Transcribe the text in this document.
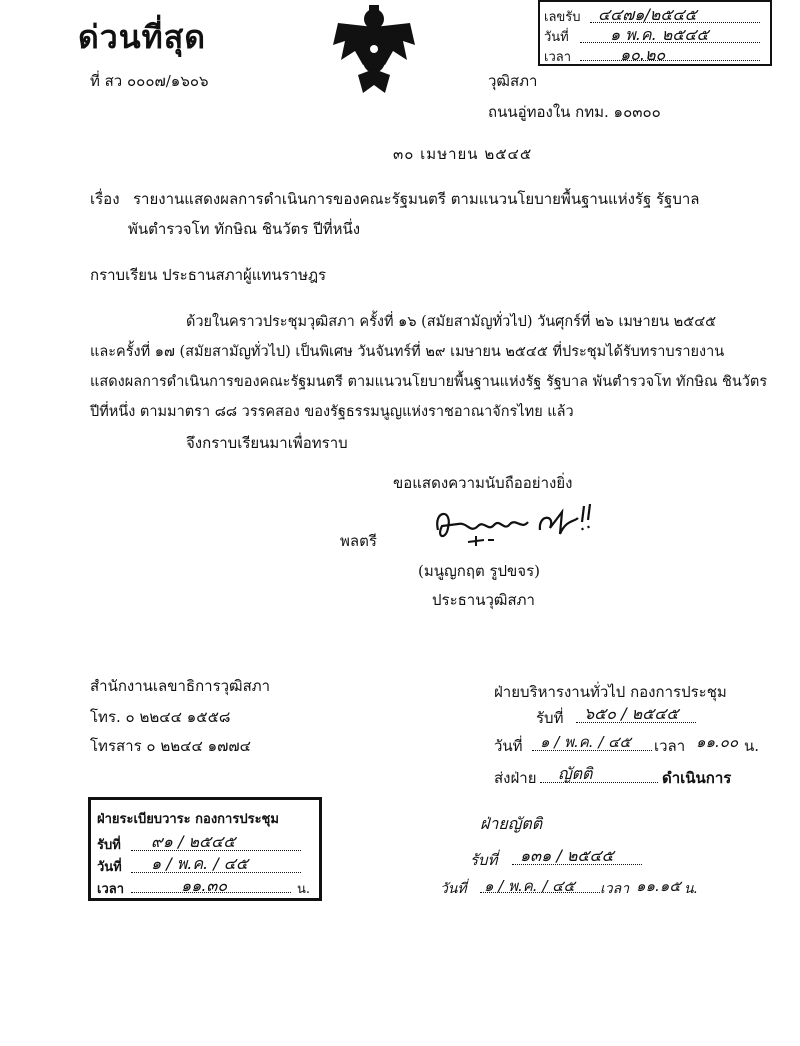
ด่วนที่สุด
ที่ สว ๐๐๐๗/๑๖๐๖
เลขรับ ๔๔๗๑/๒๕๔๕
วันที่	๑ พ.ค. ๒๕๔๕
เวลา	๑๐.๒๐
วุฒิสภา
ถนนอู่ทองใน กทม. ๑๐๓๐๐
๓๐ เมษายน ๒๕๔๕
เรื่อง รายงานแสดงผลการดำเนินการของคณะรัฐมนตรี ตามแนวนโยบายพื้นฐานแห่งรัฐ รัฐบาล
พันตำรวจโท ทักษิณ ชินวัตร ปีที่หนึ่ง
กราบเรียน ประธานสภาผู้แทนราษฎร
ด้วยในคราวประชุมวุฒิสภา ครั้งที่ ๑๖ (สมัยสามัญทั่วไป) วันศุกร์ที่ ๒๖ เมษายน ๒๕๔๕
และครั้งที่ ๑๗ (สมัยสามัญทั่วไป) เป็นพิเศษ วันจันทร์ที่ ๒๙ เมษายน ๒๕๔๕ ที่ประชุมได้รับทราบรายงาน
แสดงผลการดำเนินการของคณะรัฐมนตรี ตามแนวนโยบายพื้นฐานแห่งรัฐ รัฐบาล พันตำรวจโท ทักษิณ ชินวัตร
ปีที่หนึ่ง ตามมาตรา ๘๘ วรรคสอง ของรัฐธรรมนูญแห่งราชอาณาจักรไทย แล้ว
จึงกราบเรียนมาเพื่อทราบ
ขอแสดงความนับถืออย่างยิ่ง
พลตรี
(มนูญกฤต รูปขจร)
ประธานวุฒิสภา
สำนักงานเลขาธิการวุฒิสภา
โทร. ๐ ๒๒๔๔ ๑๕๕๘
โทรสาร ๐ ๒๒๔๔ ๑๗๗๔
ฝ่ายระเบียบวาระ กองการประชุม
รับที่ ๙๑ / ๒๕๔๕
วันที่ ๑ / พ.ค. / ๔๕
เวลา	๑๑.๓๐	น.
ฝ่ายบริหารงานทั่วไป กองการประชุม
รับที่ ๖๕๐ / ๒๕๔๕
วันที่ ๑ / พ.ค. / ๔๕ เวลา ๑๑.๐๐ น.
ส่งฝ่าย ญัตติ	ดำเนินการ
ฝ่ายญัตติ
รับที่ ๑๓๑ / ๒๕๔๕
วันที่ ๑ / พ.ค. / ๔๕ เวลา ๑๑.๑๕ น.
